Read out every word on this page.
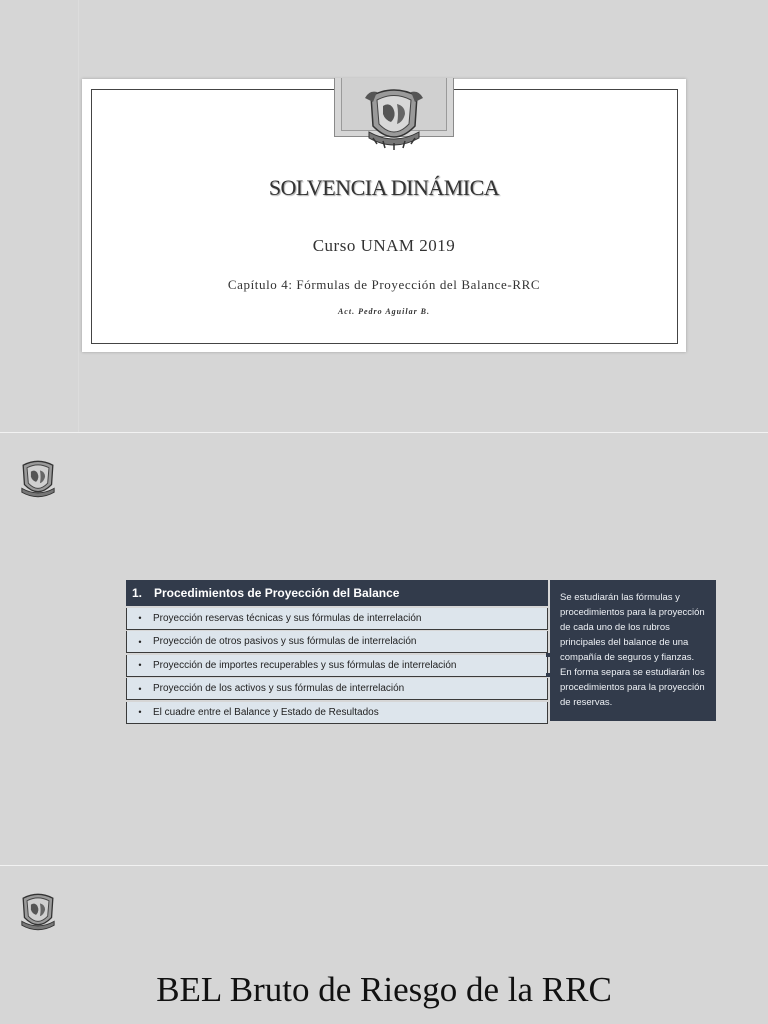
SOLVENCIA DINÁMICA
Curso UNAM 2019
Capítulo 4: Fórmulas de Proyección del Balance-RRC
Act. Pedro Aguilar B.
1. Procedimientos de Proyección del Balance
•	Proyección reservas técnicas y sus fórmulas de interrelación
•	Proyección de otros pasivos y sus fórmulas de interrelación
•	Proyección de importes recuperables y sus fórmulas de interrelación
•	Proyección de los activos y sus fórmulas de interrelación
•	El cuadre entre el Balance y Estado de Resultados
Se estudiarán las fórmulas y procedimientos para la proyección de cada uno de los rubros principales del balance de una compañía de seguros y fianzas. En forma separa se estudiarán los procedimientos para la proyección de reservas.
BEL Bruto de Riesgo de la RRC
